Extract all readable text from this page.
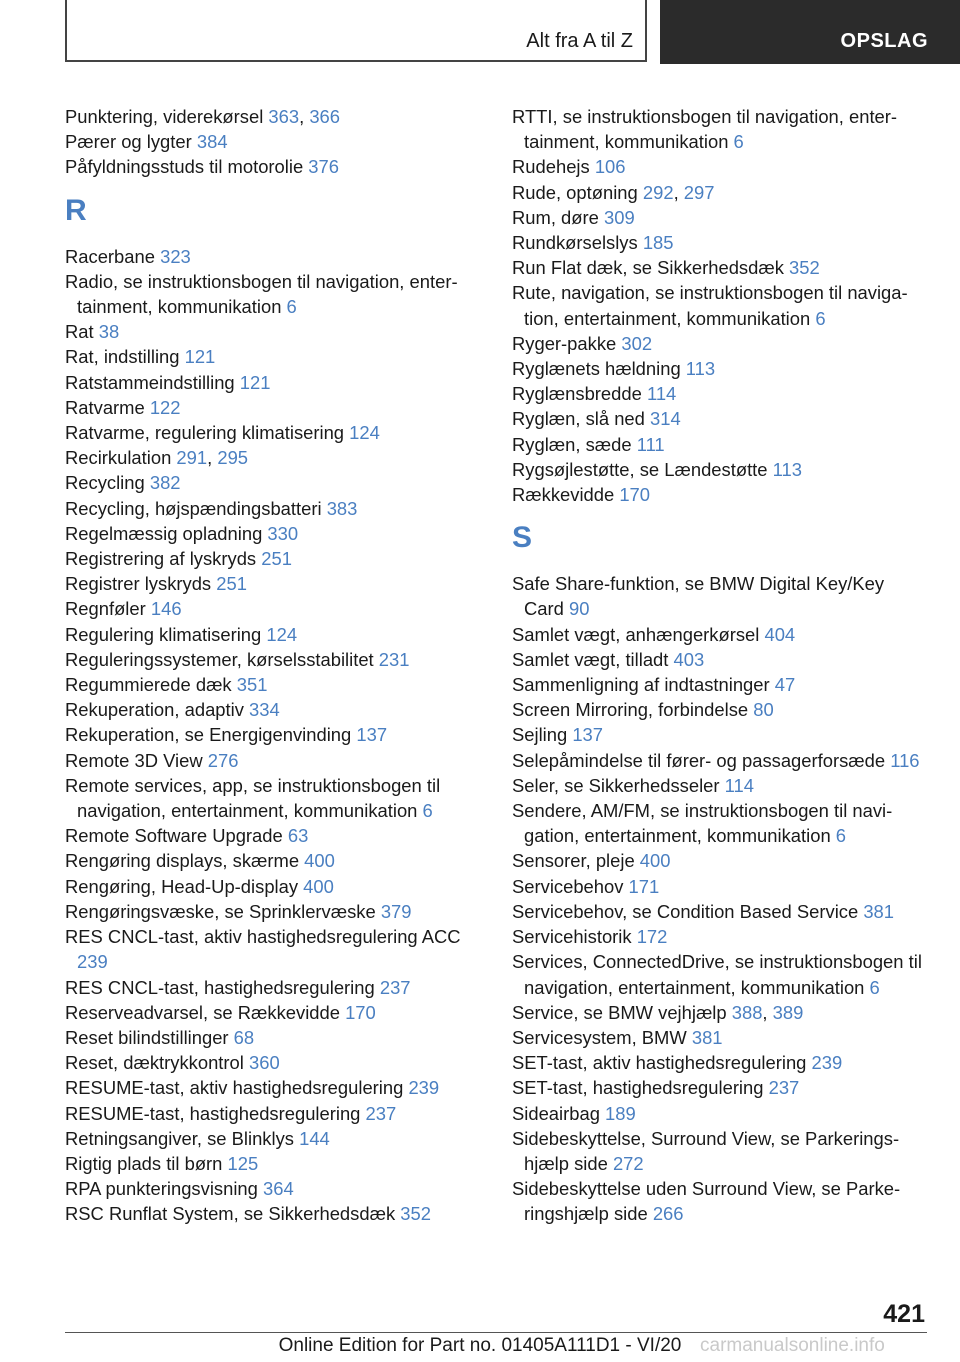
Alt fra A til Z	OPSLAG
Punktering, viderekørsel 363, 366
Pærer og lygter 384
Påfyldningsstuds til motorolie 376
R
Racerbane 323
Radio, se instruktionsbogen til navigation, entertainment, kommunikation 6
Rat 38
Rat, indstilling 121
Ratstammeindstilling 121
Ratvarme 122
Ratvarme, regulering klimatisering 124
Recirkulation 291, 295
Recycling 382
Recycling, højspændingsbatteri 383
Regelmæssig opladning 330
Registrering af lyskryds 251
Registrer lyskryds 251
Regnføler 146
Regulering klimatisering 124
Reguleringssystemer, kørselsstabilitet 231
Regummierede dæk 351
Rekuperation, adaptiv 334
Rekuperation, se Energigenvinding 137
Remote 3D View 276
Remote services, app, se instruktionsbogen til navigation, entertainment, kommunikation 6
Remote Software Upgrade 63
Rengøring displays, skærme 400
Rengøring, Head-Up-display 400
Rengøringsvæske, se Sprinklervæske 379
RES CNCL-tast, aktiv hastighedsregulering ACC 239
RES CNCL-tast, hastighedsregulering 237
Reserveadvarsel, se Rækkevidde 170
Reset bilindstillinger 68
Reset, dæktrykkontrol 360
RESUME-tast, aktiv hastighedsregulering 239
RESUME-tast, hastighedsregulering 237
Retningsangiver, se Blinklys 144
Rigtig plads til børn 125
RPA punkteringsvisning 364
RSC Runflat System, se Sikkerhedsdæk 352
RTTI, se instruktionsbogen til navigation, entertainment, kommunikation 6
Rudehejs 106
Rude, optøning 292, 297
Rum, døre 309
Rundkørselslys 185
Run Flat dæk, se Sikkerhedsdæk 352
Rute, navigation, se instruktionsbogen til navigation, entertainment, kommunikation 6
Ryger-pakke 302
Ryglænets hældning 113
Ryglænsbredde 114
Ryglæn, slå ned 314
Ryglæn, sæde 111
Rygsøjlestøtte, se Lændestøtte 113
Rækkevidde 170
S
Safe Share-funktion, se BMW Digital Key/Key Card 90
Samlet vægt, anhængerkørsel 404
Samlet vægt, tilladt 403
Sammenligning af indtastninger 47
Screen Mirroring, forbindelse 80
Sejling 137
Selepåmindelse til fører- og passagerforsæde 116
Seler, se Sikkerhedsseler 114
Sendere, AM/FM, se instruktionsbogen til navigation, entertainment, kommunikation 6
Sensorer, pleje 400
Servicebehov 171
Servicebehov, se Condition Based Service 381
Servicehistorik 172
Services, ConnectedDrive, se instruktionsbogen til navigation, entertainment, kommunikation 6
Service, se BMW vejhjælp 388, 389
Servicesystem, BMW 381
SET-tast, aktiv hastighedsregulering 239
SET-tast, hastighedsregulering 237
Sideairbag 189
Sidebeskyttelse, Surround View, se Parkeringshjælp side 272
Sidebeskyttelse uden Surround View, se Parkeringshjælp side 266
421
Online Edition for Part no. 01405A111D1 - VI/20 carmanualsonline.info
